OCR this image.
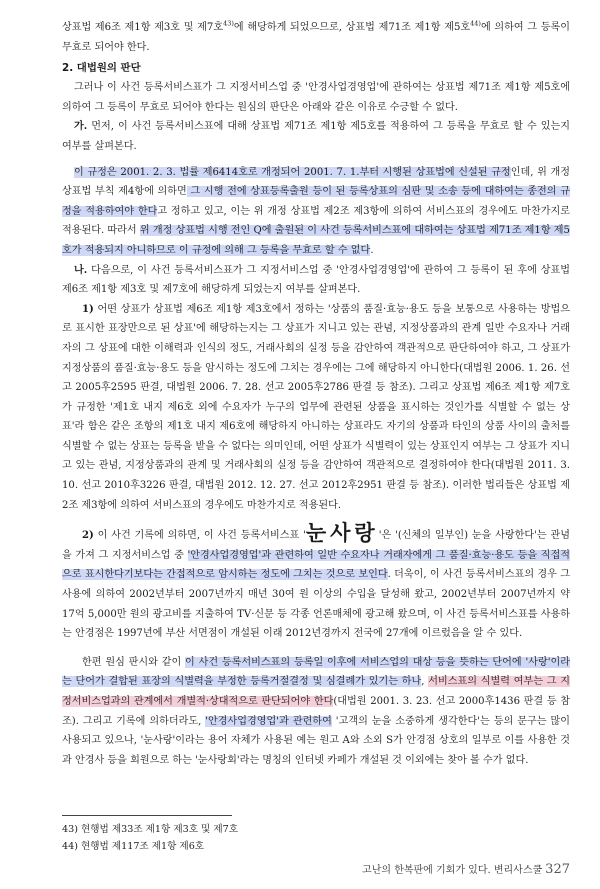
상표법 제6조 제1항 제3호 및 제7호$^{43)}$에 해당하게 되었으므로, 상표법 제71조 제1항 제5호$^{44)}$에 의하여 그 등록이 무효로 되어야 한다.

2. 대법원의 판단

그러나 이 사건 등록서비스표가 그 지정서비스업 중 '안경사업경영업'에 관하여는 상표법 제71조 제1항 제5호에 의하여 그 등록이 무효로 되어야 한다는 원심의 판단은 아래와 같은 이유로 수긍할 수 없다.

가. 먼저, 이 사건 등록서비스표에 대해 상표법 제71조 제1항 제5호를 적용하여 그 등록을 무효로 할 수 있는지 여부를 살펴본다.

이 규정은 2001. 2. 3. 법률 제6414호로 개정되어 2001. 7. 1.부터 시행된 상표법에 신설된 규정인데, 위 개정 상표법 부칙 제4항에 의하면 그 시행 전에 상표등록출원 등이 된 등록상표의 심판 및 소송 등에 대하여는 종전의 규정을 적용하여야 한다고 정하고 있고, 이는 위 개정 상표법 제2조 제3항에 의하여 서비스표의 경우에도 마찬가지로 적용된다. 따라서 위 개정 상표법 시행 전인 Q에 출원된 이 사건 등록서비스표에 대하여는 상표법 제71조 제1항 제5호가 적용되지 아니하므로 이 규정에 의해 그 등록을 무효로 할 수 없다.

나. 다음으로, 이 사건 등록서비스표가 그 지정서비스업 중 '안경사업경영업'에 관하여 그 등록이 된 후에 상표법 제6조 제1항 제3호 및 제7호에 해당하게 되었는지 여부를 살펴본다.

1) 어떤 상표가 상표법 제6조 제1항 제3호에서 정하는 '상품의 품질·효능·용도 등을 보통으로 사용하는 방법으로 표시한 표장만으로 된 상표'에 해당하는지는 그 상표가 지니고 있는 관념, 지정상품과의 관계 일반 수요자나 거래자의 그 상표에 대한 이해력과 인식의 정도, 거래사회의 실정 등을 감안하여 객관적으로 판단하여야 하고, 그 상표가 지정상품의 품질·효능·용도 등을 암시하는 정도에 그치는 경우에는 그에 해당하지 아니한다(대법원 2006. 1. 26. 선고 2005후2595 판결, 대법원 2006. 7. 28. 선고 2005후2786 판결 등 참조). 그리고 상표법 제6조 제1항 제7호가 규정한 '제1호 내지 제6호 외에 수요자가 누구의 업무에 관련된 상품을 표시하는 것인가를 식별할 수 없는 상표'라 함은 같은 조항의 제1호 내지 제6호에 해당하지 아니하는 상표라도 자기의 상품과 타인의 상품 사이의 출처를 식별할 수 없는 상표는 등록을 받을 수 없다는 의미인데, 어떤 상표가 식별력이 있는 상표인지 여부는 그 상표가 지니고 있는 관념, 지정상품과의 관계 및 거래사회의 실정 등을 감안하여 객관적으로 결정하여야 한다(대법원 2011. 3. 10. 선고 2010후3226 판결, 대법원 2012. 12. 27. 선고 2012후2951 판결 등 참조). 이러한 법리들은 상표법 제2조 제3항에 의하여 서비스표의 경우에도 마찬가지로 적용된다.

2) 이 사건 기록에 의하면, 이 사건 등록서비스표 '눈사랑'은 '(신체의 일부인) 눈을 사랑한다'는 관념을 가져 그 지정서비스업 중 '안경사업경영업'과 관련하여 일반 수요자나 거래자에게 그 품질·효능·용도 등을 직접적으로 표시한다기보다는 간접적으로 암시하는 정도에 그치는 것으로 보인다. 더욱이, 이 사건 등록서비스표의 경우 그 사용에 의하여 2002년부터 2007년까지 매년 30여 원 이상의 수입을 달성해 왔고, 2002년부터 2007년까지 약 17억 5,000만 원의 광고비를 지출하여 TV·신문 등 각종 언론매체에 광고해 왔으며, 이 사건 등록서비스표를 사용하는 안경점은 1997년에 부산 서면점이 개설된 이래 2012년경까지 전국에 27개에 이르렀음을 알 수 있다.

한편 원심 판시와 같이 이 사건 등록서비스표의 등록일 이후에 서비스업의 대상 등을 뜻하는 단어에 '사랑'이라는 단어가 결합된 표장의 식별력을 부정한 등록거절결정 및 심결례가 있기는 하나, 서비스표의 식별력 여부는 그 지정서비스업과의 관계에서 개별적·상대적으로 판단되어야 한다(대법원 2001. 3. 23. 선고 2000후1436 판결 등 참조). 그리고 기록에 의하더라도, '안경사업경영업'과 관련하여 '고객의 눈을 소중하게 생각한다'는 등의 문구는 많이 사용되고 있으나, '눈사랑'이라는 용어 자체가 사용된 예는 원고 A와 소외 S가 안경점 상호의 일부로 이를 사용한 것과 안경사 등을 회원으로 하는 '눈사랑회'라는 명칭의 인터넷 카페가 개설된 것 이외에는 찾아 볼 수가 없다.

43) 현행법 제33조 제1항 제3호 및 제7호

44) 현행법 제117조 제1항 제6호

고난의 한복판에 기회가 있다. 변리사스쿨 327
